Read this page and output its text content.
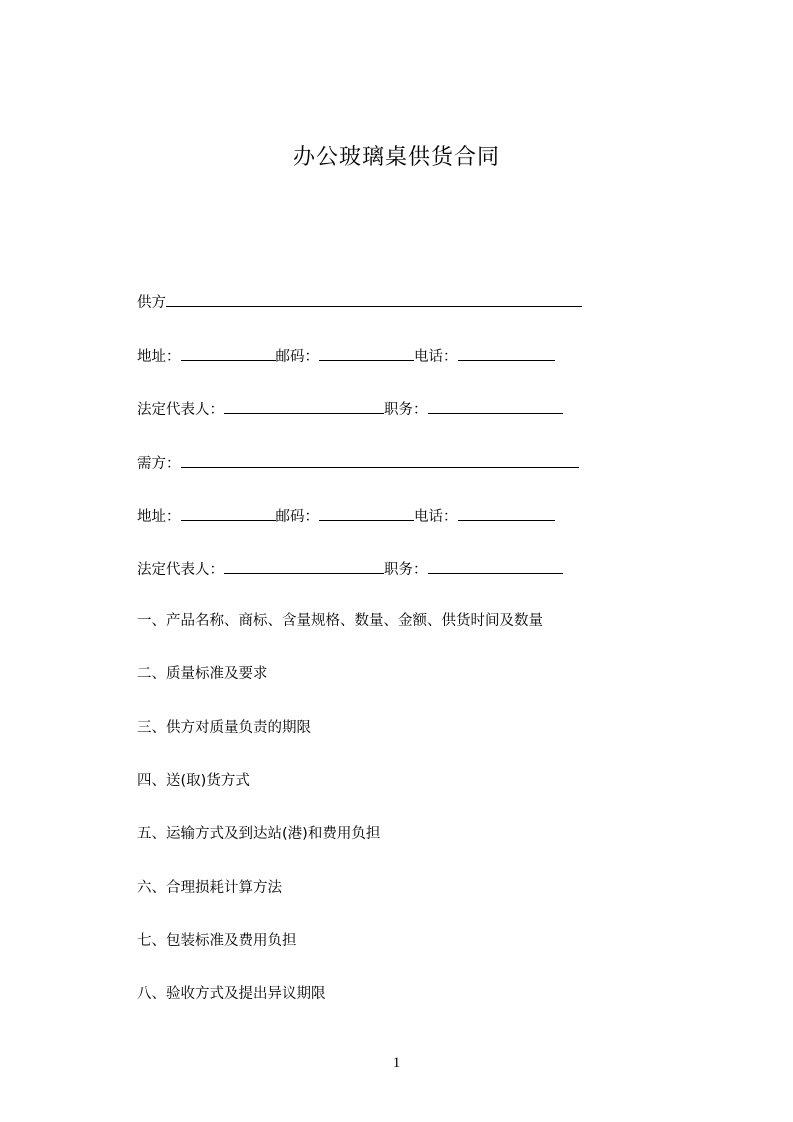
办公玻璃桌供货合同
供方
地址：	邮码：	电话：
法定代表人：	职务：
需方：
地址：	邮码：	电话：
法定代表人：	职务：
一、产品名称、商标、含量规格、数量、金额、供货时间及数量
二、质量标准及要求
三、供方对质量负责的期限
四、送(取)货方式
五、运输方式及到达站(港)和费用负担
六、合理损耗计算方法
七、包装标准及费用负担
八、验收方式及提出异议期限
1
